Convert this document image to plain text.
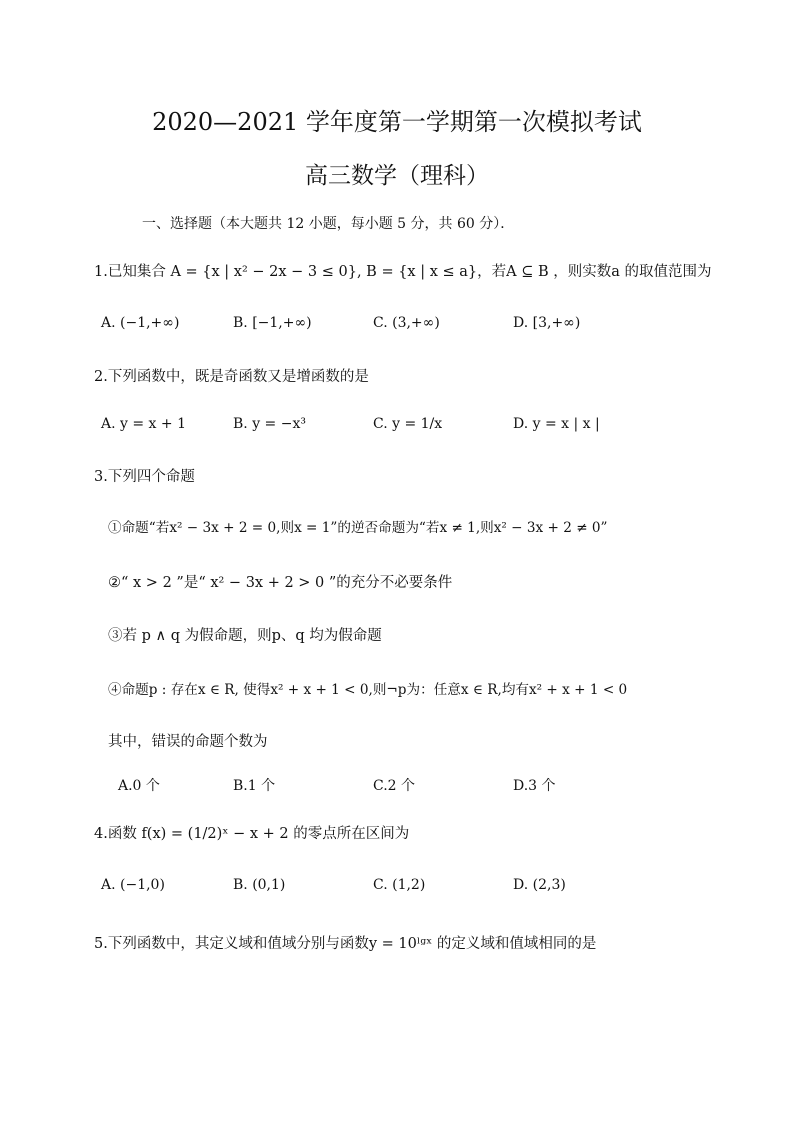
2020—2021 学年度第一学期第一次模拟考试
高三数学（理科）
一、选择题（本大题共 12 小题，每小题 5 分，共 60 分）．
1.已知集合 A = {x | x² − 2x − 3 ≤ 0}, B = {x | x ≤ a}，若A ⊆ B ，则实数a 的取值范围为
A. (−1,+∞)	B. [−1,+∞)	C. (3,+∞)	D. [3,+∞)
2.下列函数中，既是奇函数又是增函数的是
A. y = x + 1	B. y = −x³	C. y = 1/x	D. y = x | x |
3.下列四个命题
①命题“若x² − 3x + 2 = 0,则x = 1”的逆否命题为“若x ≠ 1,则x² − 3x + 2 ≠ 0”
②“ x > 2 ”是“ x² − 3x + 2 > 0 ”的充分不必要条件
③若 p ∧ q 为假命题，则p、q 均为假命题
④命题p : 存在x ∈ R, 使得x² + x + 1 < 0,则¬p为：任意x ∈ R,均有x² + x + 1 < 0
其中，错误的命题个数为
A.0 个	B.1 个	C.2 个	D.3 个
4.函数 f(x) = (1/2)ˣ − x + 2 的零点所在区间为
A. (−1,0)	B. (0,1)	C. (1,2)	D. (2,3)
5.下列函数中，其定义域和值域分别与函数y = 10ˡᵍˣ 的定义域和值域相同的是
